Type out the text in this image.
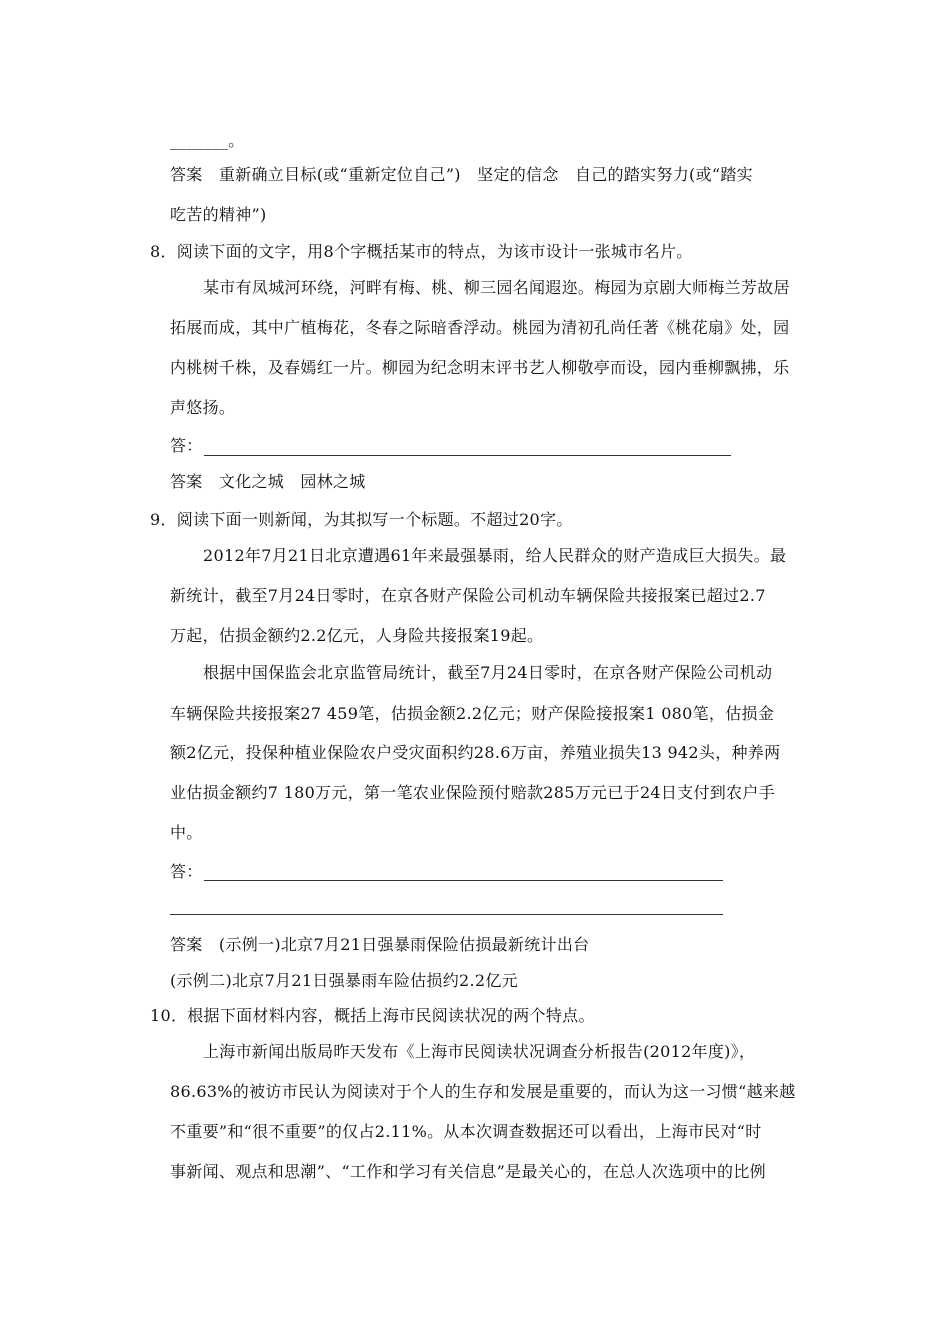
_______。
答案　重新确立目标(或“重新定位自己”)　坚定的信念　自己的踏实努力(或“踏实
吃苦的精神”)
8．阅读下面的文字，用8个字概括某市的特点，为该市设计一张城市名片。
某市有凤城河环绕，河畔有梅、桃、柳三园名闻遐迩。梅园为京剧大师梅兰芳故居
拓展而成，其中广植梅花，冬春之际暗香浮动。桃园为清初孔尚任著《桃花扇》处，园
内桃树千株，及春嫣红一片。柳园为纪念明末评书艺人柳敬亭而设，园内垂柳飘拂，乐
声悠扬。
答：
答案　文化之城　园林之城
9．阅读下面一则新闻，为其拟写一个标题。不超过20字。
2012年7月21日北京遭遇61年来最强暴雨，给人民群众的财产造成巨大损失。最
新统计，截至7月24日零时，在京各财产保险公司机动车辆保险共接报案已超过2.7
万起，估损金额约2.2亿元，人身险共接报案19起。
根据中国保监会北京监管局统计，截至7月24日零时，在京各财产保险公司机动
车辆保险共接报案27 459笔，估损金额2.2亿元；财产保险接报案1 080笔，估损金
额2亿元，投保种植业保险农户受灾面积约28.6万亩，养殖业损失13 942头，种养两
业估损金额约7 180万元，第一笔农业保险预付赔款285万元已于24日支付到农户手
中。
答：
答案　(示例一)北京7月21日强暴雨保险估损最新统计出台
(示例二)北京7月21日强暴雨车险估损约2.2亿元
10．根据下面材料内容，概括上海市民阅读状况的两个特点。
上海市新闻出版局昨天发布《上海市民阅读状况调查分析报告(2012年度)》，
86.63%的被访市民认为阅读对于个人的生存和发展是重要的，而认为这一习惯“越来越
不重要”和“很不重要”的仅占2.11%。从本次调查数据还可以看出，上海市民对“时
事新闻、观点和思潮”、“工作和学习有关信息”是最关心的，在总人次选项中的比例
